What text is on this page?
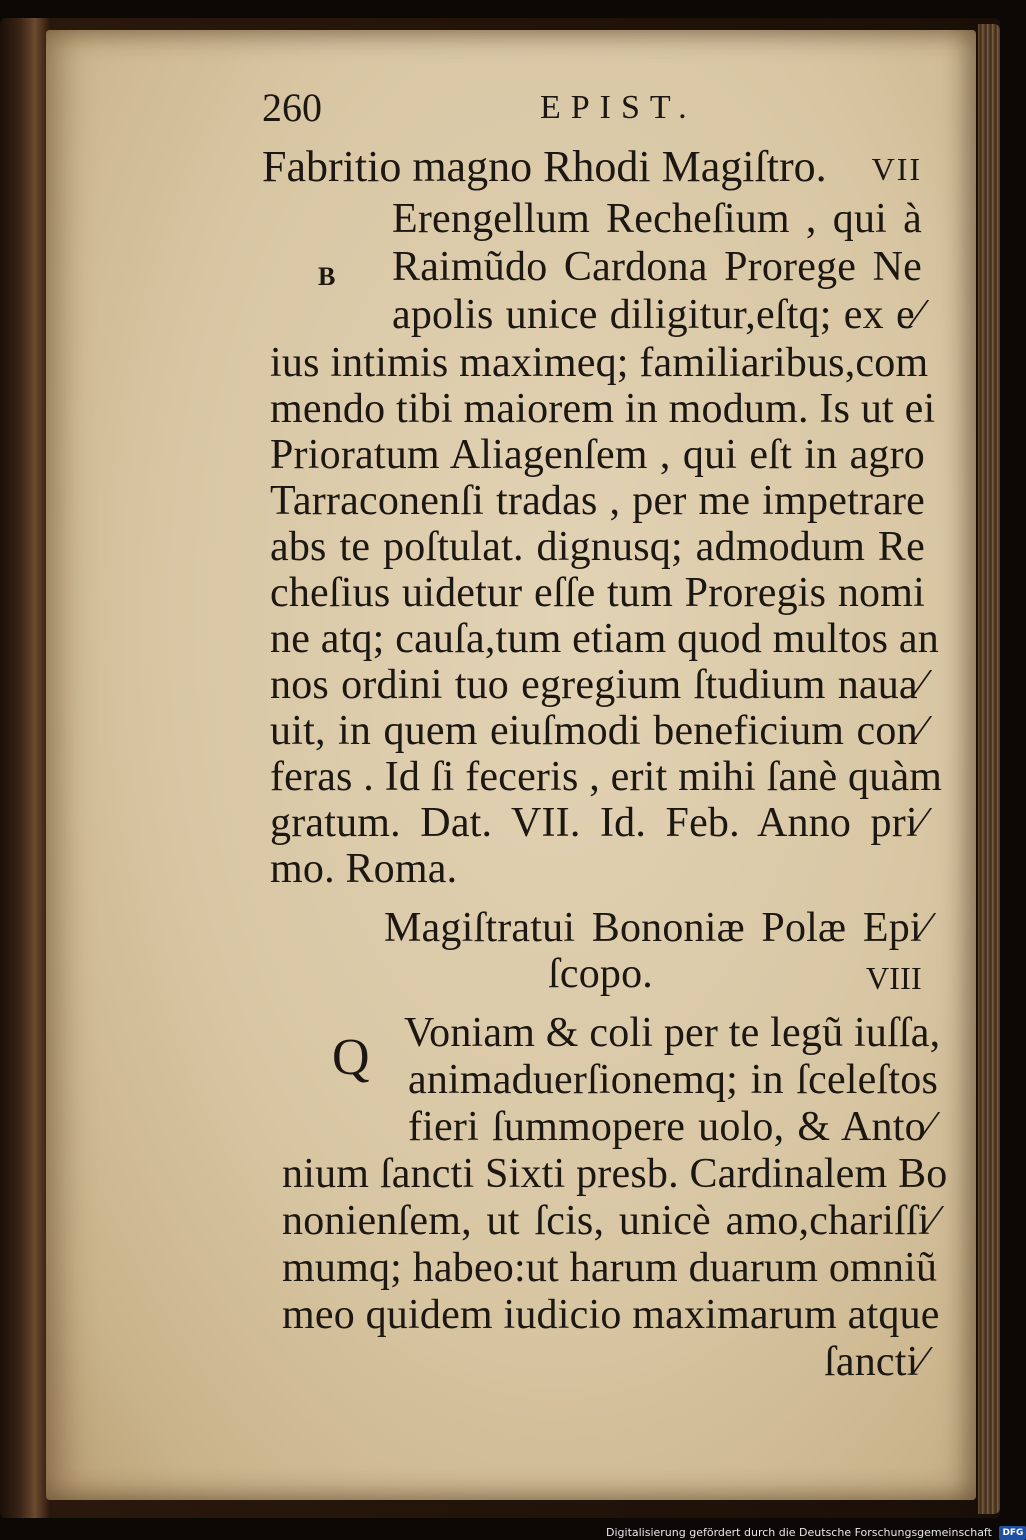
260	EPIST.
Fabritio magno Rhodi Magiſtro. VII
B
Erengellum Recheſium , qui à
Raimũdo Cardona Prorege Ne
apolis unice diligitur,eſtq; ex e⁄
ius intimis maximeq; familiaribus,com
mendo tibi maiorem in modum. Is ut ei
Prioratum Aliagenſem , qui eſt in agro
Tarraconenſi tradas , per me impetrare
abs te poſtulat. dignusq; admodum Re
cheſius uidetur eſſe tum Proregis nomi
ne atq; cauſa,tum etiam quod multos an
nos ordini tuo egregium ſtudium naua⁄
uit, in quem eiuſmodi beneficium con⁄
feras . Id ſi feceris , erit mihi ſanè quàm
gratum. Dat. VII. Id. Feb. Anno pri⁄
mo. Roma.
Magiſtratui Bononiæ Polæ Epi⁄
ſcopo.	VIII
Q Voniam & coli per te legũ iuſſa,
animaduerſionemq; in ſceleſtos
fieri ſummopere uolo, & Anto⁄
nium ſancti Sixti presb. Cardinalem Bo
nonienſem, ut ſcis, unicè amo,chariſſi⁄
mumq; habeo:ut harum duarum omniũ
meo quidem iudicio maximarum atque
ſancti⁄
Digitalisierung gefördert durch die Deutsche Forschungsgemeinschaft DFG
